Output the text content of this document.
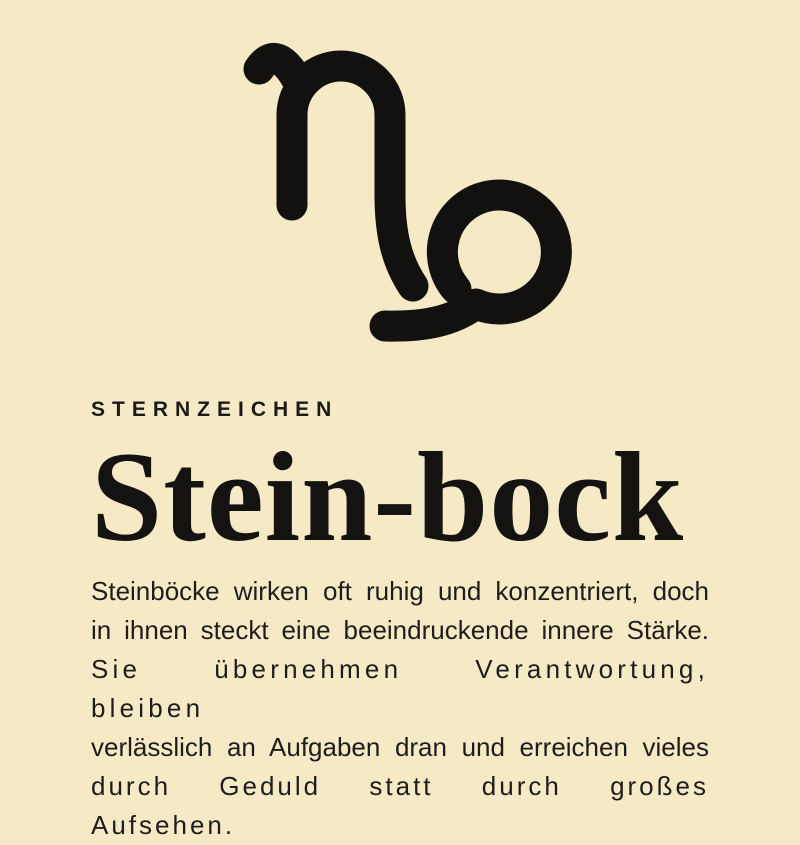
STERNZEICHEN
Stein-bock
Steinböcke wirken oft ruhig und konzentriert, doch
in ihnen steckt eine beeindruckende innere Stärke.
Sie übernehmen Verantwortung, bleiben
verlässlich an Aufgaben dran und erreichen vieles
durch Geduld statt durch großes Aufsehen.
